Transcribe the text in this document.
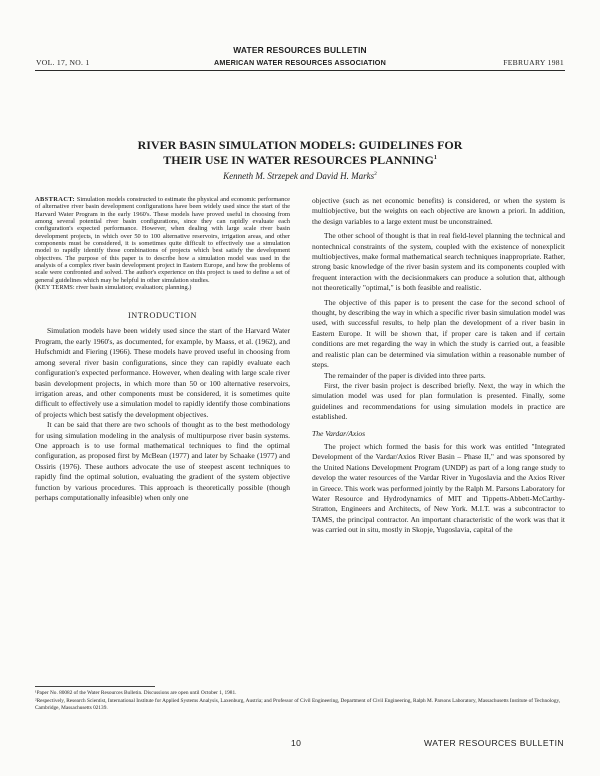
WATER RESOURCES BULLETIN
VOL. 17, NO. 1	AMERICAN WATER RESOURCES ASSOCIATION	FEBRUARY 1981
RIVER BASIN SIMULATION MODELS: GUIDELINES FOR
THEIR USE IN WATER RESOURCES PLANNING$^1$
Kenneth M. Strzepek and David H. Marks$^2$

ABSTRACT: Simulation models constructed to estimate the physical and economic performance of alternative river basin development configurations have been widely used since the start of the Harvard Water Program in the early 1960's. These models have proved useful in choosing from among several potential river basin configurations, since they can rapidly evaluate each configuration's expected performance. However, when dealing with large scale river basin development projects, in which over 50 to 100 alternative reservoirs, irrigation areas, and other components must be considered, it is sometimes quite difficult to effectively use a simulation model to rapidly identify those combinations of projects which best satisfy the development objectives. The purpose of this paper is to describe how a simulation model was used in the analysis of a complex river basin development project in Eastern Europe, and how the problems of scale were confronted and solved. The author's experience on this project is used to define a set of general guidelines which may be helpful in other simulation studies.

(KEY TERMS: river basin simulation; evaluation; planning.)

INTRODUCTION

Simulation models have been widely used since the start of the Harvard Water Program, the early 1960's, as documented, for example, by Maass, et al. (1962), and Hufschmidt and Fiering (1966). These models have proved useful in choosing from among several river basin configurations, since they can rapidly evaluate each configuration's expected performance. However, when dealing with large scale river basin development projects, in which more than 50 or 100 alternative reservoirs, irrigation areas, and other components must be considered, it is sometimes quite difficult to effectively use a simulation model to rapidly identify those combinations of projects which best satisfy the development objectives.

It can be said that there are two schools of thought as to the best methodology for using simulation modeling in the analysis of multipurpose river basin systems. One approach is to use formal mathematical techniques to find the optimal configuration, as proposed first by McBean (1977) and later by Schaake (1977) and Ossiris (1976). These authors advocate the use of steepest ascent techniques to rapidly find the optimal solution, evaluating the gradient of the system objective function by various procedures. This approach is theoretically possible (though perhaps computationally infeasible) when only one

objective (such as net economic benefits) is considered, or when the system is multiobjective, but the weights on each objective are known a priori. In addition, the design variables to a large extent must be unconstrained.

The other school of thought is that in real field-level planning the technical and nontechnical constraints of the system, coupled with the existence of nonexplicit multiobjectives, make formal mathematical search techniques inappropriate. Rather, strong basic knowledge of the river basin system and its components coupled with frequent interaction with the decisionmakers can produce a solution that, although not theoretically "optimal," is both feasible and realistic.

The objective of this paper is to present the case for the second school of thought, by describing the way in which a specific river basin simulation model was used, with successful results, to help plan the development of a river basin in Eastern Europe. It will be shown that, if proper care is taken and if certain conditions are met regarding the way in which the study is carried out, a feasible and realistic plan can be determined via simulation within a reasonable number of steps.

The remainder of the paper is divided into three parts.

First, the river basin project is described briefly. Next, the way in which the simulation model was used for plan formulation is presented. Finally, some guidelines and recommendations for using simulation models in practice are established.

The Vardar/Axios

The project which formed the basis for this work was entitled "Integrated Development of the Vardar/Axios River Basin – Phase II," and was sponsored by the United Nations Development Program (UNDP) as part of a long range study to develop the water resources of the Vardar River in Yugoslavia and the Axios River in Greece. This work was performed jointly by the Ralph M. Parsons Laboratory for Water Resource and Hydrodynamics of MIT and Tippetts-Abbett-McCarthy-Stratton, Engineers and Architects, of New York. M.I.T. was a subcontractor to TAMS, the principal contractor. An important characteristic of the work was that it was carried out in situ, mostly in Skopje, Yugoslavia, capital of the

¹Paper No. 80082 of the Water Resources Bulletin. Discussions are open until October 1, 1981.
²Respectively, Research Scientist, International Institute for Applied Systems Analysis, Laxenburg, Austria; and Professor of Civil Engineering, Department of Civil Engineering, Ralph M. Parsons Laboratory, Massachusetts Institute of Technology, Cambridge, Massachusetts 02139.
10	WATER RESOURCES BULLETIN
